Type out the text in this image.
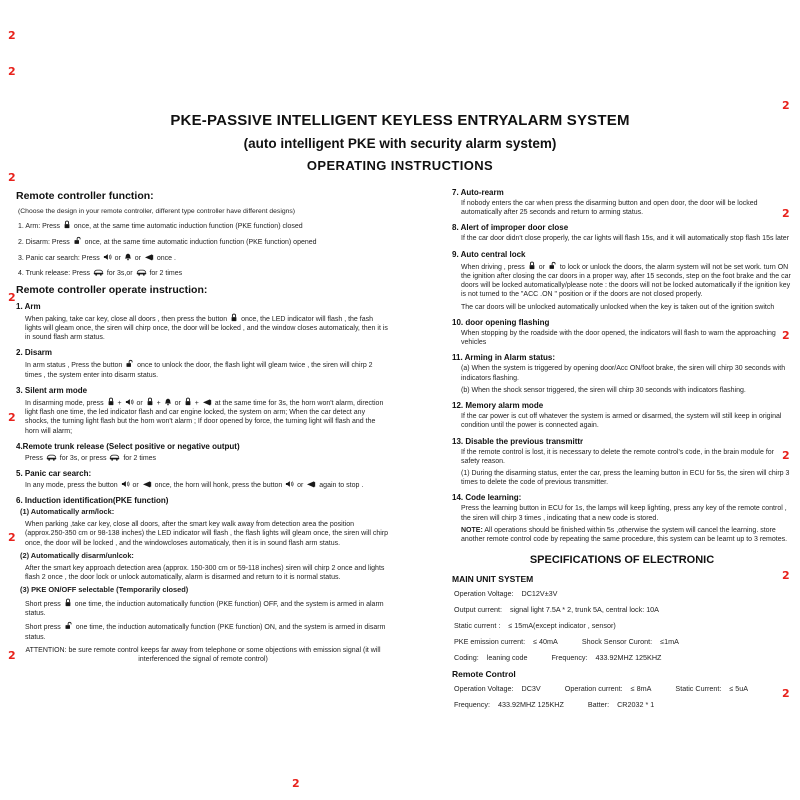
2
2
2
2
2
2
2
2
2
2
2
2
2
2
PKE-PASSIVE INTELLIGENT KEYLESS ENTRYALARM SYSTEM
(auto intelligent PKE with security alarm system)
OPERATING INSTRUCTIONS
Remote controller function:
(Choose the design in your remote controller, different type controller have different designs)
1. Arm: Press  once, at the same time automatic induction function (PKE function) closed
2. Disarm: Press  once, at the same time automatic induction function (PKE function) opened
3. Panic car search: Press  or  or  once .
4. Trunk release: Press  for 3s,or  for 2 times
Remote controller operate instruction:
1. Arm
When paking, take car key, close all doors , then press the button  once, the LED indicator will flash , the fash lights will gleam once, the siren will chirp once, the door will be locked , and the window closes automaticaly, then it is in sound flash arm status.
2. Disarm
In arm status , Press the button  once to unlock the door, the flash light will gleam twice , the siren will chirp 2 times , the system enter into disarm status.
3. Silent arm mode
In disarming mode, press  +  or  +  or  +  at the same time for 3s, the horn won't alarm, direction light flash one time, the led indicator flash and car engine locked, the system on arm; When the car detect any shocks, the turning light flash but the horn won't alarm ; If door opened by force, the turning light will flash and the horn will alarm;
4.Remote trunk release (Select positive or negative output)
Press  for 3s, or press  for 2 times
5. Panic car search:
In any mode, press the button  or  once, the horn will honk, press the button  or  again to stop .
6. Induction identification(PKE function)
(1) Automatically arm/lock:
When parking ,take car key, close all doors, after the smart key walk away from detection area the position (approx.250-350 cm or 98-138 inches) the LED indicator will flash , the flash lights will gleam once, the siren will chirp once, the door will be locked , and the windowcloses automaticaly, then it is in sound flash arm status.
(2) Automatically disarm/unlcok:
After the smart key approach detection area (approx. 150-300 cm or 59-118 inches) siren will chirp 2 once and lights flash 2 once , the door lock or unlock automatically, alarm is disarmed and return to it is normal status.
(3) PKE ON/OFF selectable (Temporarily closed)
Short press  one time, the induction automatically function (PKE function) OFF, and the system is armed in alarm status.
Short press  one time, the induction automatically function (PKE function) ON, and the system is armed in disarm status.
ATTENTION: be sure remote control keeps far away from telephone or some objections with emission signal (it will interferenced the signal of remote control)
7. Auto-rearm
If nobody enters the car when press the disarming button and open door, the door will be locked automatically after 25 seconds and return to arming status.
8. Alert of improper door close
If the car door didn't close properly, the car lights will flash 15s, and it will automatically stop flash 15s later
9. Auto central lock
When driving , press  or  to lock or unlock the doors, the alarm system will not be set work. turn ON the ignition after closing the car doors in a proper way, after 15 seconds, step on the foot brake and the car doors will be locked automatically/please note : the doors will not be locked automatically if the ignition key is not turned to the "ACC .ON " position or if the doors are not closed properly.
The car doors will be unlocked automatically unlocked when the key is taken out of the ignition switch
10. door opening flashing
When stopping by the roadside with the door opened, the indicators will flash to warn the approaching vehicles
11. Arming in Alarm status:
(a) When the system is triggered by opening door/Acc ON/foot brake, the siren will chirp 30 seconds with indicators flashing.
(b) When the shock sensor triggered, the siren will chirp 30 seconds with indicators flashing.
12. Memory alarm mode
If the car power is cut off whatever the system is armed or disarmed, the system will still keep in original condition until the power is connected again.
13. Disable the previous transmittr
If the remote control is lost, it is necessary to delete the remote control's code, in the brain module for safety reason.
(1) During the disarming status, enter the car, press the learning button in ECU for 5s, the siren will chirp 3 times to delete the code of previous transmitter.
14. Code learning:
Press the learning button in ECU for 1s, the lamps will keep lighting, press any key of the remote control , the siren will chirp 3 times , indicating that a new code is stored.
NOTE: All operations should be finished within 5s ,otherwise the system will cancel the learning. store another remote control code by repeating the same procedure, this system can be learnt up to 3 remotes.
SPECIFICATIONS OF ELECTRONIC
MAIN UNIT SYSTEM
Operation Voltage: DC12V±3V
Output current: signal light 7.5A * 2, trunk 5A, central lock: 10A
Static current : ≤ 15mA(except indicator , sensor)
PKE emission current: ≤ 40mA	Shock Sensor Curont: ≤1mA
Coding: leaning code	Frequency: 433.92MHZ 125KHZ
Remote Control
Operation Voltage: DC3V	Operation current: ≤ 8mA	Static Current: ≤ 5uA
Frequency: 433.92MHZ 125KHZ	Batter: CR2032 * 1
